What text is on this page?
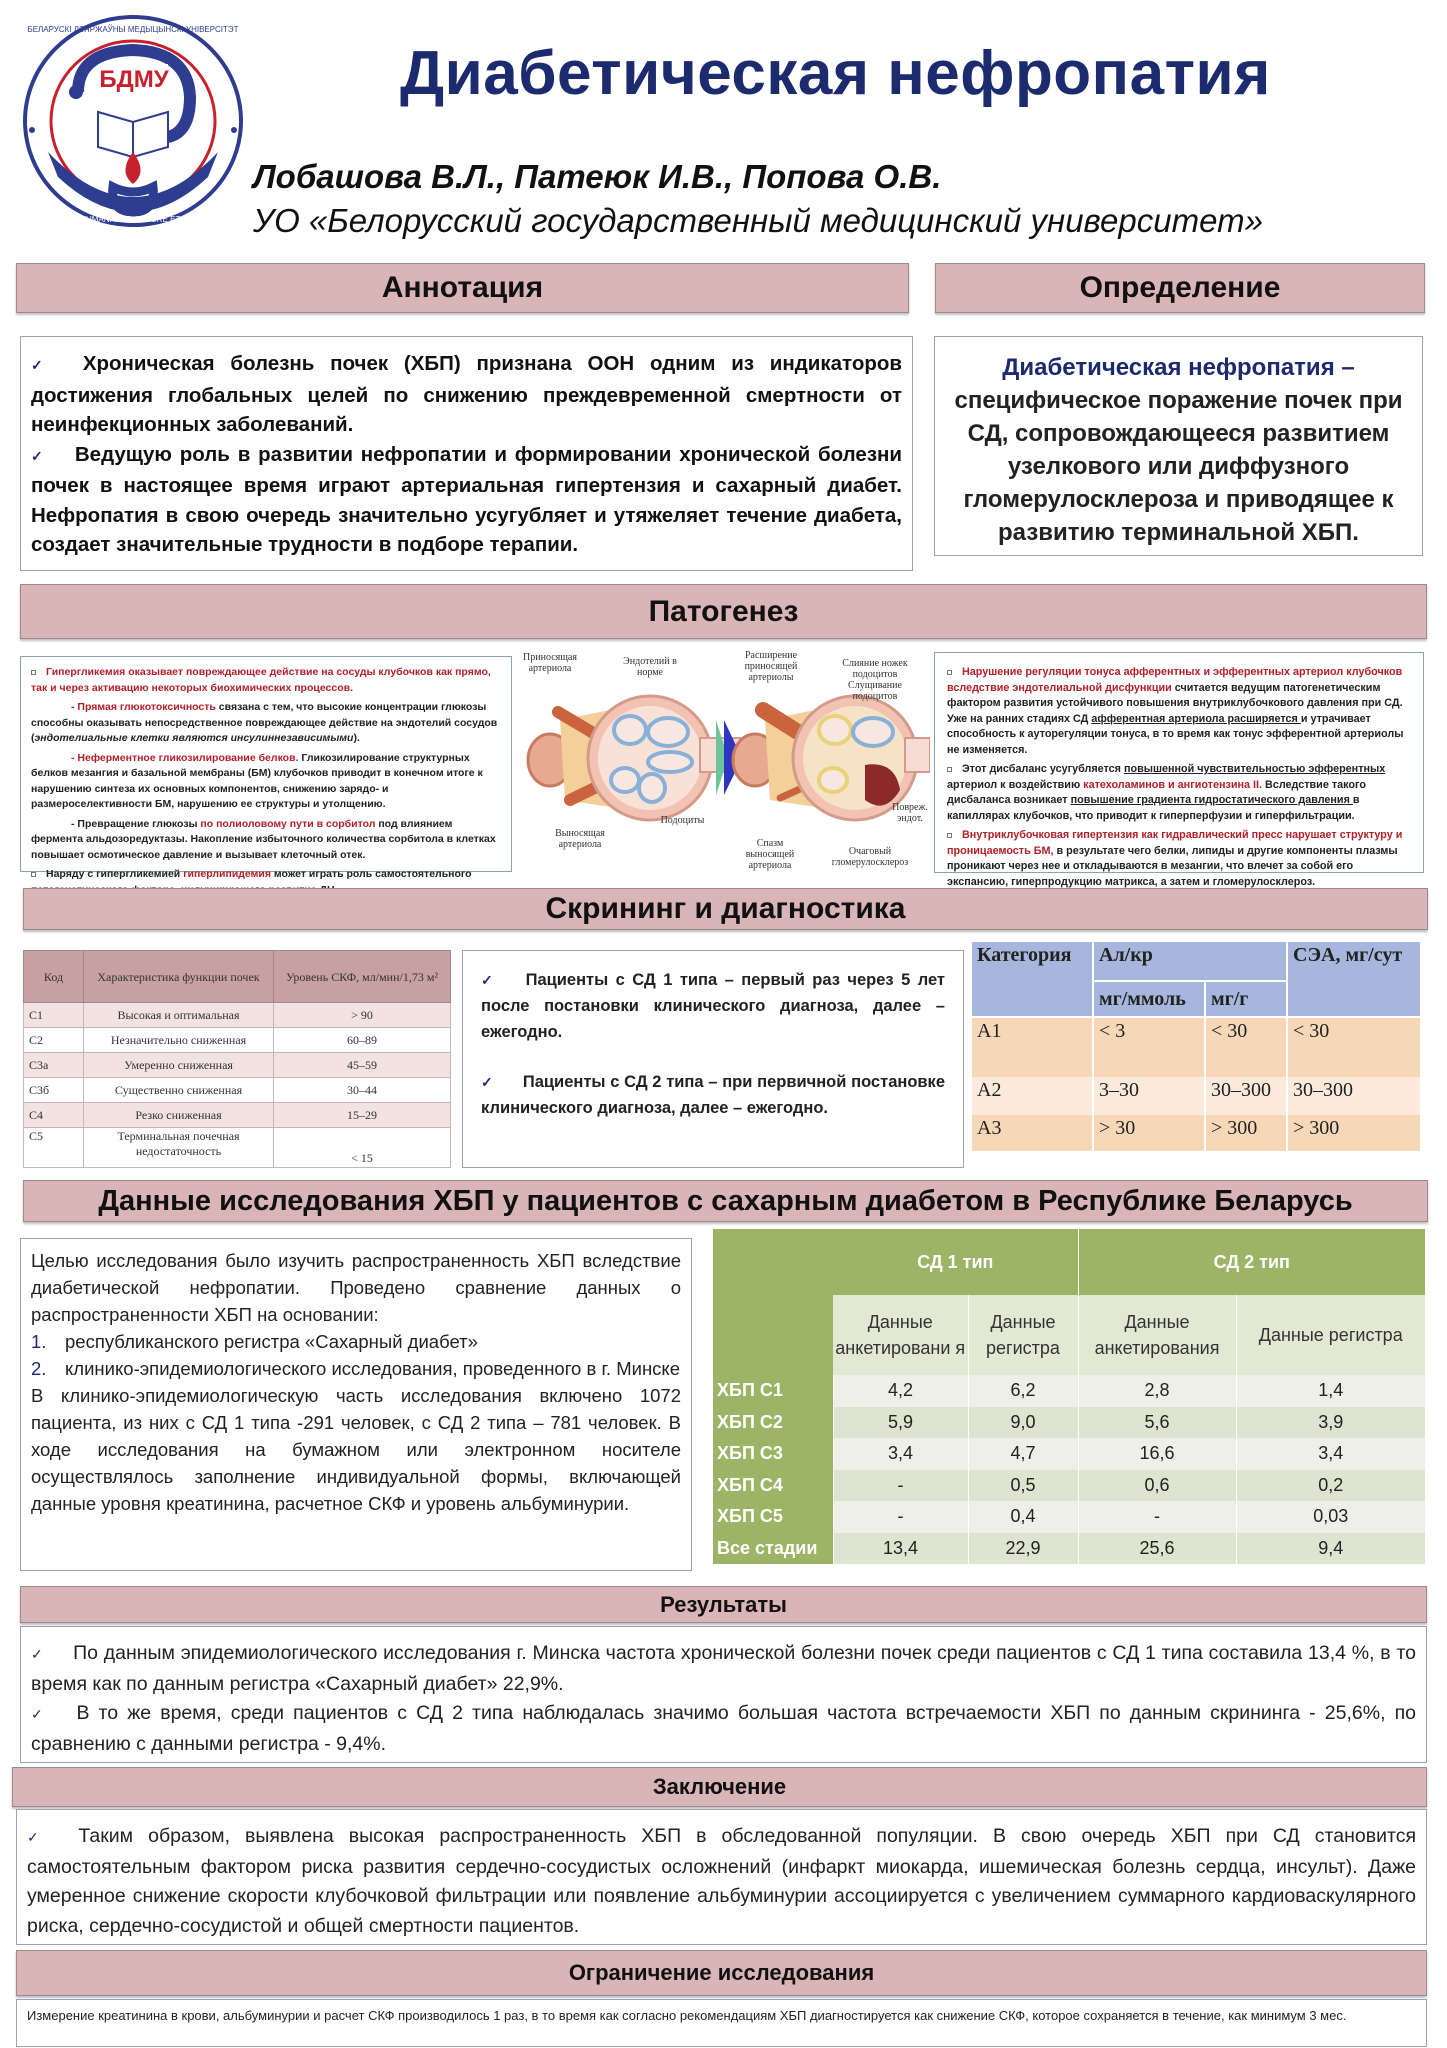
БДМУ
БЕЛАРУСКІ ДЗЯРЖАЎНЫ МЕДЫЦЫНСКІ УНІВЕРСІТЭТ
ARTE ET HUMANITATE. LABORE ET SCIENTIA.
Диабетическая нефропатия
Лобашова В.Л., Патеюк И.В., Попова О.В.
УО «Белорусский государственный медицинский университет»
Аннотация	Определение

✓ Хроническая болезнь почек (ХБП) признана ООН одним из индикаторов достижения глобальных целей по снижению преждевременной смертности от неинфекционных заболеваний.

✓ Ведущую роль в развитии нефропатии и формировании хронической болезни почек в настоящее время играют артериальная гипертензия и сахарный диабет. Нефропатия в свою очередь значительно усугубляет и утяжеляет течение диабета, создает значительные трудности в подборе терапии.

Диабетическая нефропатия –
специфическое поражение почек при СД, сопровождающееся развитием узелкового или диффузного гломерулосклероза и приводящее к развитию терминальной ХБП.
Патогенез

Гипергликемия оказывает повреждающее действие на сосуды клубочков как прямо, так и через активацию некоторых биохимических процессов.

- Прямая глюкотоксичность связана с тем, что высокие концентрации глюкозы способны оказывать непосредственное повреждающее действие на эндотелий сосудов (эндотелиальные клетки являются инсулиннезависимыми).

- Неферментное гликозилирование белков. Гликозилирование структурных белков мезангия и базальной мембраны (БМ) клубочков приводит в конечном итоге к нарушению синтеза их основных компонентов, снижению зарядо- и размероселективности БМ, нарушению ее структуры и утолщению.

- Превращение глюкозы по полиоловому пути в сорбитол под влиянием фермента альдозоредуктазы. Накопление избыточного количества сорбитола в клетках повышает осмотическое давление и вызывает клеточный отек.

Наряду с гипергликемией гиперлипидемия может играть роль самостоятельного

Приносящая артериола
Эндотелий в норме
Выносящая артериола
Подоциты
Расширение приносящей артериолы
Слияние ножек подоцитов Слущивание подоцитов
Спазм выносящей артериола
Очаговый гломерулосклероз
Повреж. эндот.

Нарушение регуляции тонуса афферентных и эфферентных артериол клубочков вследствие эндотелиальной дисфункции считается ведущим патогенетическим фактором развития устойчивого повышения внутриклубочкового давления при СД. Уже на ранних стадиях СД афферентная артериола расширяется и утрачивает способность к ауторегуляции тонуса, в то время как тонус эфферентной артериолы не изменяется.

Этот дисбаланс усугубляется повышенной чувствительностью эфферентных артериол к воздействию катехоламинов и ангиотензина II. Вследствие такого дисбаланса возникает повышение градиента гидростатического давления в капиллярах клубочков, что приводит к гиперперфузии и гиперфильтрации.

Внутриклубочковая гипертензия как гидравлический пресс нарушает структуру и проницаемость БМ, в результате чего белки, липиды и другие компоненты плазмы проникают через нее и откладываются в мезангии, что влечет за собой его экспансию, гиперпродукцию матрикса, а затем и гломерулосклероз.

Скрининг и диагностика
Код	Характеристика функции почек	Уровень СКФ, мл/мин/1,73 м²
С1	Высокая и оптимальная	> 90
С2	Незначительно сниженная	60–89
С3а	Умеренно сниженная	45–59
С3б	Существенно сниженная	30–44
С4	Резко сниженная	15–29
С5	Терминальная почечная недостаточность	< 15

✓ Пациенты с СД 1 типа – первый раз через 5 лет после постановки клинического диагноза, далее – ежегодно.

✓ Пациенты с СД 2 типа – при первичной постановке клинического диагноза, далее – ежегодно.

Категория	Ал/кр		СЭА, мг/сут
	мг/ммоль	мг/г	
А1	< 3	< 30	< 30
А2	3–30	30–300	30–300
А3	> 30	> 300	> 300
Данные исследования ХБП у пациентов с сахарным диабетом в Республике Беларусь

Целью исследования было изучить распространенность ХБП вследствие диабетической нефропатии. Проведено сравнение данных о распространенности ХБП на основании:

1.	республиканского регистра «Сахарный диабет»
2.	клинико-эпидемиологического исследования, проведенного в г. Минске

В клинико-эпидемиологическую часть исследования включено 1072 пациента, из них с СД 1 типа -291 человек, с СД 2 типа – 781 человек. В ходе исследования на бумажном или электронном носителе осуществлялось заполнение индивидуальной формы, включающей данные уровня креатинина, расчетное СКФ и уровень альбуминурии.

	СД 1 тип		СД 2 тип	
	Данные анкетировани я	Данные регистра	Данные анкетирования	Данные регистра
ХБП С1	4,2	6,2	2,8	1,4
ХБП С2	5,9	9,0	5,6	3,9
ХБП С3	3,4	4,7	16,6	3,4
ХБП С4	-	0,5	0,6	0,2
ХБП С5	-	0,4	-	0,03
Все стадии	13,4	22,9	25,6	9,4
Результаты

✓ По данным эпидемиологического исследования г. Минска частота хронической болезни почек среди пациентов с СД 1 типа составила 13,4 %, в то время как по данным регистра «Сахарный диабет» 22,9%.

✓ В то же время, среди пациентов с СД 2 типа наблюдалась значимо большая частота встречаемости ХБП по данным скрининга - 25,6%, по сравнению с данными регистра - 9,4%.

Заключение

✓ Таким образом, выявлена высокая распространенность ХБП в обследованной популяции. В свою очередь ХБП при СД становится самостоятельным фактором риска развития сердечно-сосудистых осложнений (инфаркт миокарда, ишемическая болезнь сердца, инсульт). Даже умеренное снижение скорости клубочковой фильтрации или появление альбуминурии ассоциируется с увеличением суммарного кардиоваскулярного риска, сердечно-сосудистой и общей смертности пациентов.

Ограничение исследования
Измерение креатинина в крови, альбуминурии и расчет СКФ производилось 1 раз, в то время как согласно рекомендациям ХБП диагностируется как снижение СКФ, которое сохраняется в течение, как минимум 3 мес.
